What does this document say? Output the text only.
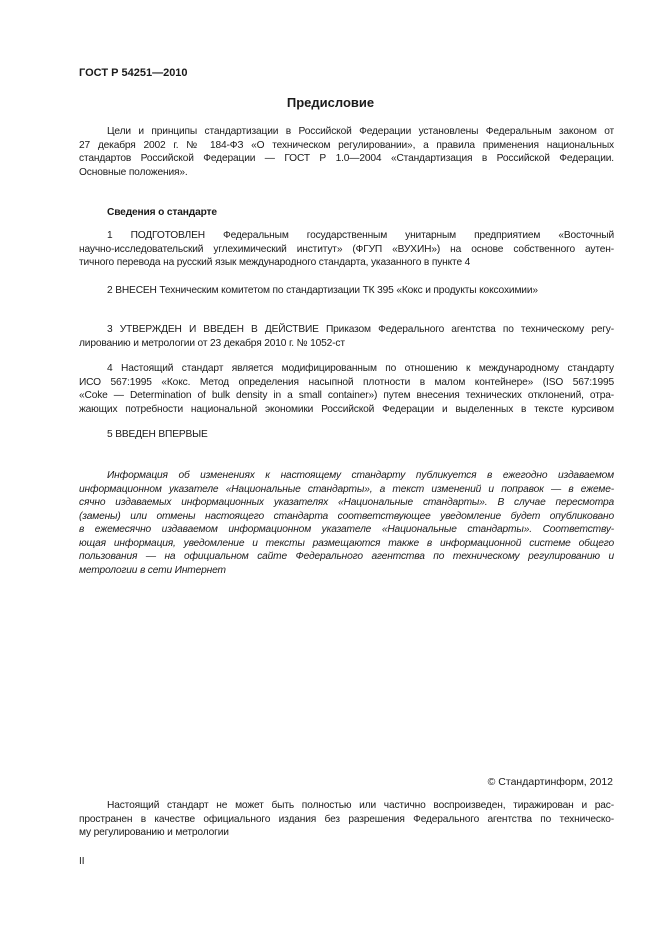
ГОСТ Р 54251—2010
Предисловие
Цели и принципы стандартизации в Российской Федерации установлены Федеральным законом от
27 декабря 2002 г. № 184-ФЗ «О техническом регулировании», а правила применения национальных
стандартов Российской Федерации — ГОСТ Р 1.0—2004 «Стандартизация в Российской Федерации.
Основные положения».
Сведения о стандарте
1 ПОДГОТОВЛЕН Федеральным государственным унитарным предприятием «Восточный
научно-исследовательский углехимический институт» (ФГУП «ВУХИН») на основе собственного аутен-
тичного перевода на русский язык международного стандарта, указанного в пункте 4
2 ВНЕСЕН Техническим комитетом по стандартизации ТК 395 «Кокс и продукты коксохимии»
3 УТВЕРЖДЕН И ВВЕДЕН В ДЕЙСТВИЕ Приказом Федерального агентства по техническому регу-
лированию и метрологии от 23 декабря 2010 г. № 1052-ст
4 Настоящий стандарт является модифицированным по отношению к международному стандарту
ИСО 567:1995 «Кокс. Метод определения насыпной плотности в малом контейнере» (ISO 567:1995
«Coke — Determination of bulk density in a small container») путем внесения технических отклонений, отра-
жающих потребности национальной экономики Российской Федерации и выделенных в тексте курсивом
5 ВВЕДЕН ВПЕРВЫЕ
Информация об изменениях к настоящему стандарту публикуется в ежегодно издаваемом
информационном указателе «Национальные стандарты», а текст изменений и поправок — в ежеме-
сячно издаваемых информационных указателях «Национальные стандарты». В случае пересмотра
(замены) или отмены настоящего стандарта соответствующее уведомление будет опубликовано
в ежемесячно издаваемом информационном указателе «Национальные стандарты». Соответству-
ющая информация, уведомление и тексты размещаются также в информационной системе общего
пользования — на официальном сайте Федерального агентства по техническому регулированию и
метрологии в сети Интернет
© Стандартинформ, 2012
Настоящий стандарт не может быть полностью или частично воспроизведен, тиражирован и рас-
пространен в качестве официального издания без разрешения Федерального агентства по техническо-
му регулированию и метрологии
II
